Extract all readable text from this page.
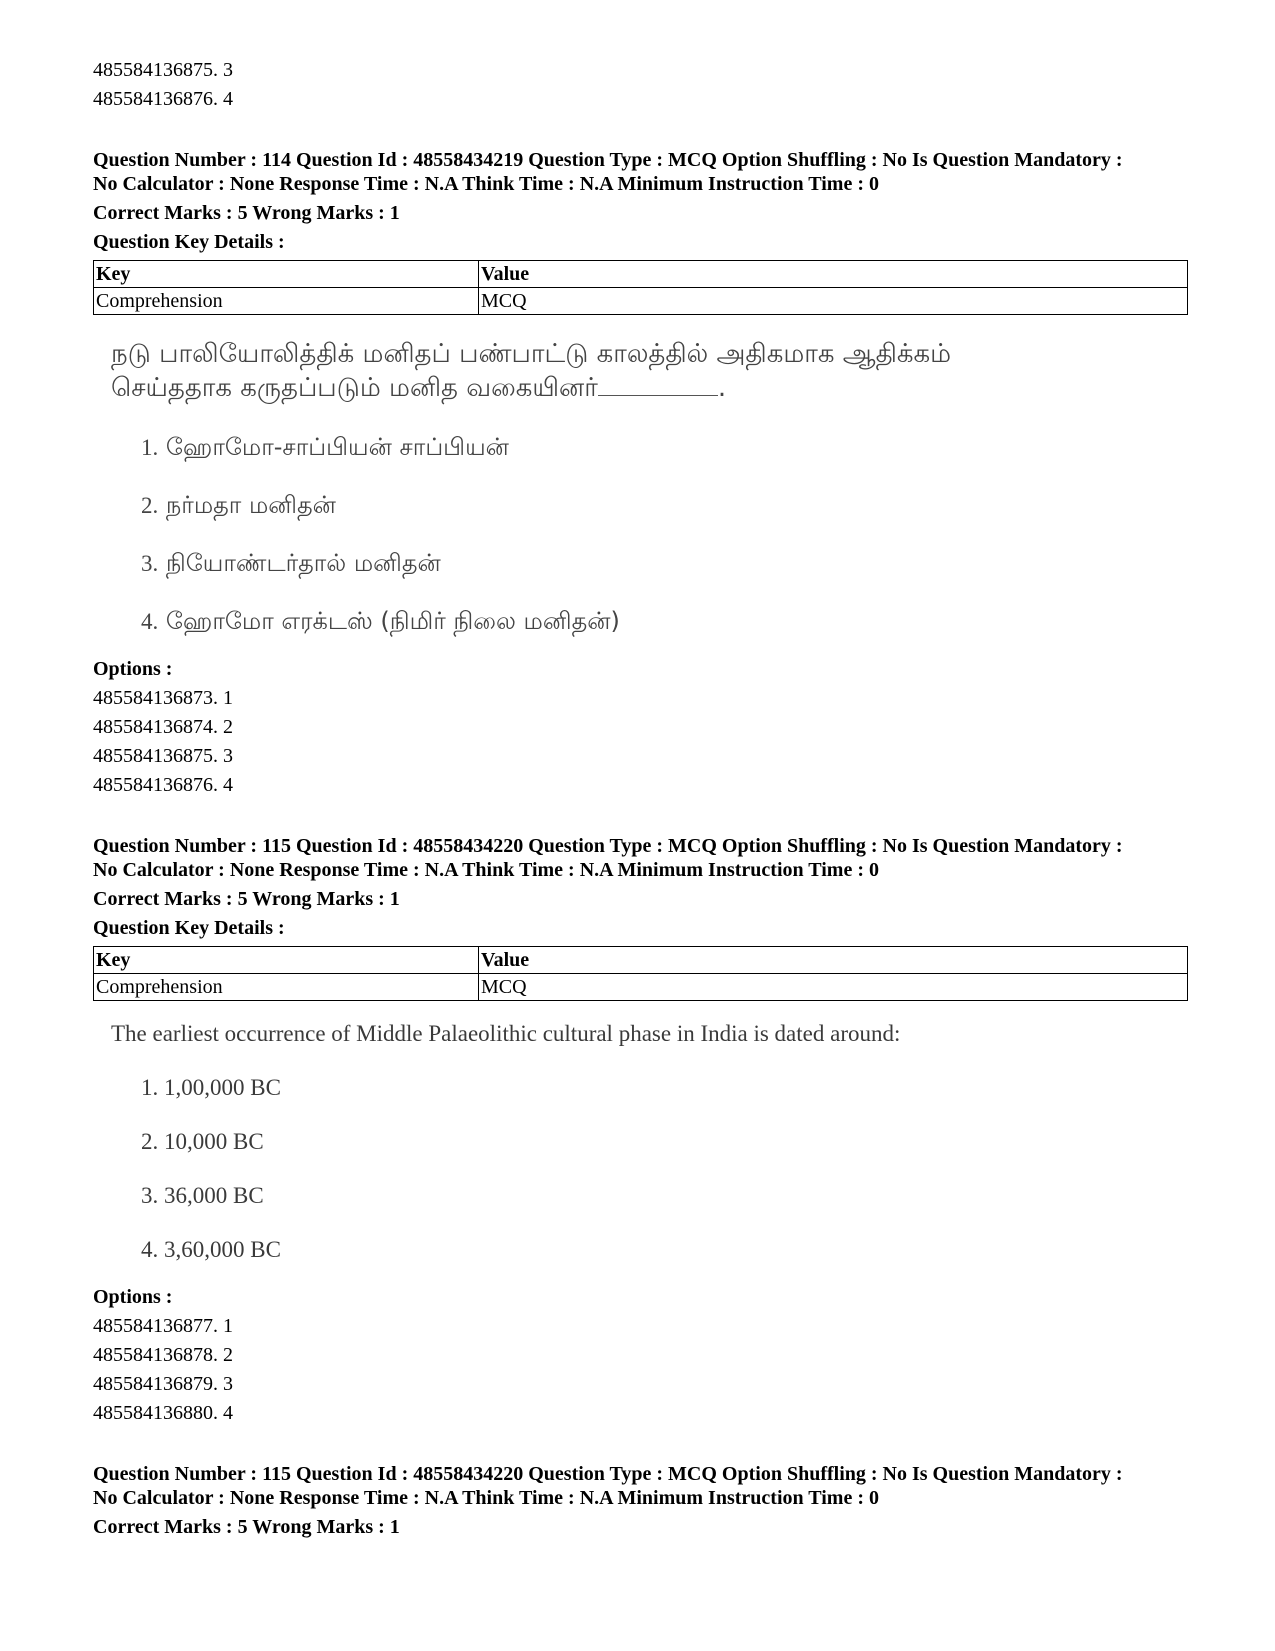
485584136875. 3
485584136876. 4
Question Number : 114 Question Id : 48558434219 Question Type : MCQ Option Shuffling : No Is Question Mandatory :
No Calculator : None Response Time : N.A Think Time : N.A Minimum Instruction Time : 0
Correct Marks : 5 Wrong Marks : 1
Question Key Details :
Key	Value
Comprehension	MCQ
நடு பாலியோலித்திக் மனிதப் பண்பாட்டு காலத்தில் அதிகமாக ஆதிக்கம்
செய்ததாக கருதப்படும் மனித வகையினர்	.
1. ஹோமோ-சாப்பியன் சாப்பியன்
2. நர்மதா மனிதன்
3. நியோண்டர்தால் மனிதன்
4. ஹோமோ எரக்டஸ் (நிமிர் நிலை மனிதன்)
Options :
485584136873. 1
485584136874. 2
485584136875. 3
485584136876. 4
Question Number : 115 Question Id : 48558434220 Question Type : MCQ Option Shuffling : No Is Question Mandatory :
No Calculator : None Response Time : N.A Think Time : N.A Minimum Instruction Time : 0
Correct Marks : 5 Wrong Marks : 1
Question Key Details :
Key	Value
Comprehension	MCQ
The earliest occurrence of Middle Palaeolithic cultural phase in India is dated around:
1. 1,00,000 BC
2. 10,000 BC
3. 36,000 BC
4. 3,60,000 BC
Options :
485584136877. 1
485584136878. 2
485584136879. 3
485584136880. 4
Question Number : 115 Question Id : 48558434220 Question Type : MCQ Option Shuffling : No Is Question Mandatory :
No Calculator : None Response Time : N.A Think Time : N.A Minimum Instruction Time : 0
Correct Marks : 5 Wrong Marks : 1
